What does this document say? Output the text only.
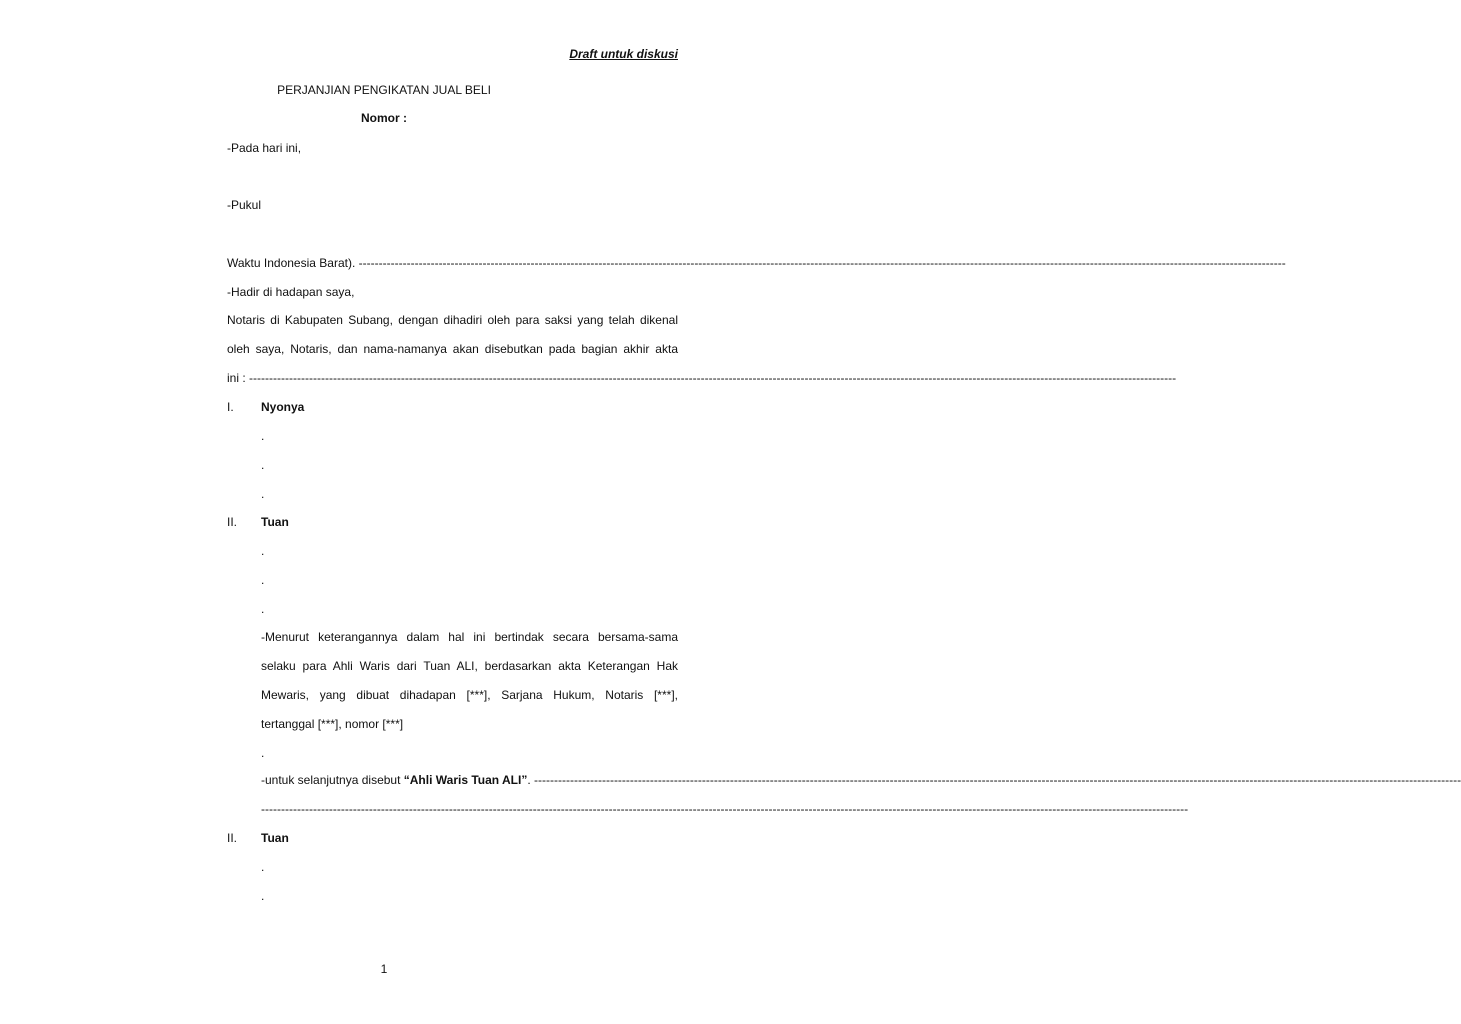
Draft untuk diskusi
PERJANJIAN PENGIKATAN JUAL BELI
Nomor :
-Pada hari ini,
-Pukul
Waktu Indonesia Barat).
----------------------------------------------------------------------------------------------------------------------------------------------------------------------------------------------------------------------------------------
-Hadir di hadapan saya,
Notaris di Kabupaten Subang, dengan dihadiri oleh para saksi yang telah dikenal
oleh saya, Notaris, dan nama-namanya akan disebutkan pada bagian akhir akta
ini :
----------------------------------------------------------------------------------------------------------------------------------------------------------------------------------------------------------------------------------------
I. Nyonya
.
.
.
II. Tuan
.
.
.
-Menurut keterangannya dalam hal ini bertindak secara bersama-sama
selaku para Ahli Waris dari Tuan ALI, berdasarkan akta Keterangan Hak
Mewaris, yang dibuat dihadapan [***], Sarjana Hukum, Notaris [***],
tertanggal [***], nomor [***]
.
-untuk selanjutnya disebut “Ahli Waris Tuan ALI” .
----------------------------------------------------------------------------------------------------------------------------------------------------------------------------------------------------------------------------------------
----------------------------------------------------------------------------------------------------------------------------------------------------------------------------------------------------------------------------------------
II. Tuan
.
.
1
